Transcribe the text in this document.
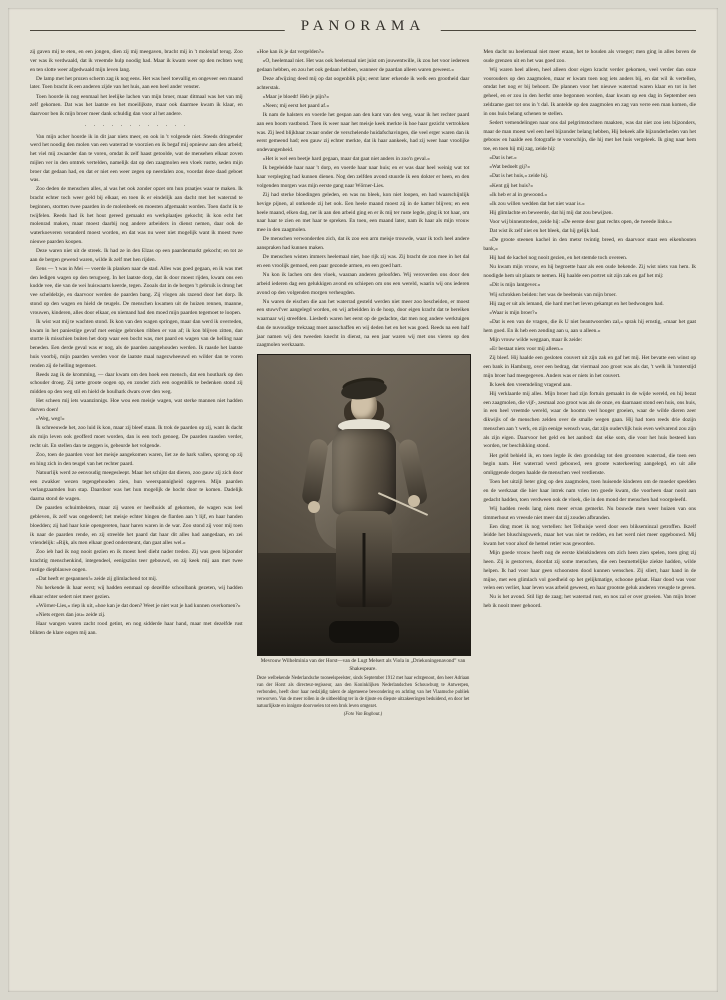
PANORAMA

zij gaven mij te eten, en een jongen, dien zij mij meegaven, bracht mij in 't molenlaf terug. Zoo ver was ik verdwaald, dat ik vreemde hulp noodig had. Maar ik kwam weer op den rechten weg en ten slotte weer afgedwaald mijn leven lang.

De lamp met het prozen scherm zag ik nog eens. Het was heel toevallig en ongeveer een maand later. Toen bracht ik een anderen zijde van het huis, aan een heel ander venster.

Toen hoorde ik nog eenmaal het leelijke lachen van mijn broer, maar ditmaal was het van mij zelf gekomen. Dat was het laatste en het moeilijkste, maar ook daarmee kwam ik klaar, en daarvoor ben ik mijn broer meer dank schuldig dan voor al het andere.

. . . . . . . . . . . .

Van mijn acher hoorde ik in dit jaar niets meer, en ook in 't volgende niet. Steeds dringender werd het noodig den molen van een waterrad te voorzien en ik begaf mij opnieuw aan den arbeid; het viel mij zwaarder dan te voren, omdat ik zelf haast getoolde, wat de mensehen elkaar zoven mijlen ver in den omtrek vertelden, namelijk dat op den zaagmolen een vloek rustte, seden mijn broer dat gedaan had, en dat er niet een weer zegen op neerdalen zou, voordat deze daad geboet was.

Zoo deden de menschen alles, al was het ook zonder opzet om hun praatjes waar te maken. Ik bracht echter toch weer geld bij elkaar, en toen ik er eindelijk aan dacht met het waterrad te beginnen, stortten twee paarden in de molenbeek en moesten afgemaakt worden. Toen dacht ik te twijfelen. Reeds had ik het hout gereed gemaakt en werkplaatjes gekocht; ik kon echt het molenrad maken, maar moest daarbij nog andere arbeiders in dienst nemen, daar ook de waterkoeveren veranderd moest worden, en dat was nu weer niet mogelijk want ik moest twee nieuwe paarden koopen.

Deze waren niet uit de streek. Ik had ze in den Elzas op een paardenmarkt gekocht; en tot ze aan de bergen gewend waren, wilde ik zelf met hen rijden.

Eens — 't was in Mei — voerde ik planken naar de stad. Alles was goed gegaan, en ik was met den ledigen wagen op den terugweg. In het laatste dorp, dat ik door moest rijden, kwam ons een kudde vee, die van de wei huiswaarts keerde, tegen. Zooals dat in de bergen 't gebruik is drong het vee scheldelzje, en daarvoor werden de paarden bang. Zij vlogen als razend door het dorp. Ik stond op den wagen en hield de teugels. De menschen kwamen uit de huizen rennen, maanne, vrouwen, kinderen, alles door elkaar, en niemand had den moed mijn paarden tegemoet te loopen.

Ik wist wat mij te wachten stond. Ik kon van den wagen springen, maar dan werd ik overreden, kwam in het paniestige gevaf met eenige gebroken ribben er van af; ik kon blijven zitten, dan stortte ik misschien buiten het dorp waar een bocht was, met paard en wagen van de helling naar beneden. Een derde geval was er nog, als de paarden aangehouden werden. Ik raasde het laatste huis voorbij, mijn paarden werden voor de laatste maal nagezwheeuwd en wilder dan te voren renden zij de helling tegemoet.

Reeds zag ik de kromming, — daar kwam om den hoek een mensch, dat een houthark op den schouder droeg. Zij zette groote oogen op, en zonder zich een oogenblik te bedenken stond zij midden op den weg stil en hield de houlhark dwars over den weg.

Het scheen mij iets waanzinnigs. Hoe wou een meisje wagen, wat sterke mannen niet hadden durven doen!

»Weg, weg!«

Ik schreeuwde het, zoo luid ik kon, maar zij bleef staan. Ik trok de paarden op zij, want ik dacht als mijn leven ook geofferd moet worden, dan is een toch genoeg. De paarden raasden verder, recht uit. En stellen dan te zeggen is, gebeurde het volgende.

Zoo, toen de paarden voor het meisje aangekomen waren, liet ze de hark vallen, sprong op zij en hing zich in den teugel van het rechter paard.

Natuurlijk werd ze eenvoudig meegesleept. Maar het schijnt dat dieren, zoo gauw zij zich door een zwakker wezen tegengehouden zien, hun weerspannigheid opgeven. Mijn paarden verlangzaamden hun stap. Daardoor was het hun mogelijk de hocht door te komen. Dadelijk daarna stond de wagen.

De paarden schuimbekten, maar zij waren er heelhuids af gekomen, de wagen was leel gebleven, ik zelf was ongedeerd; het meisje echter hingen de flarden aan 't lijf, en haar handen bloedden; zij had haar knie opengereten, haar haren waren in de war. Zoo stond zij voor mij toen ik naar de paarden rende, en zij streelde het paard dat haar dit alles had aangedaan, en zei vriendelijk: »Rijk, als men elkaar goed ondersteunt, dan gaat alles wel.«

Zoo ieb had ik nog nooit gezien en ik moest heel dieht nader treden. Zij was geen bijzonder krachtig menschenkind, integendeel, eenigszins teer gebouwd, en zij keek mij aan met twee rustige diepblauwe oogen.

»Dat heeft er gespannen!« zeide zij glimlachend tot mij.

Nu herkende ik haar eerst; wij hadden eenmaal op dezelfde schoolbank gezeten, wij hadden elkaar echter sedert niet meer gezien.

»Wörner-Lies,« riep ik uit, »hoe kan je dat doen? Weet je niet wat je had kunnen overkomen?«

»Niets ergers dan jou« zeide zij.

Haar wangen waren zacht rood getint, en nog sidderde haar hand, maar met dezelfde rust blikten de klare oogen mij aan.

»Hoe kan ik je dat vergelden?«

»O, heelemaal niet. Het was ook heelemaal niet juist om jouwentwille, ik zou het voor iedereen gedaan hebben, en zou het ook gedaan hebben, wanneer de paardan alleen waren geweest.«

Deze afwijzing deed mij op dat oogenblik pijn; eerst later erkende ik welk een grootheid daar achterstak.

»Maar je bloedt! Heb je pijn?«

»Neen; mij eerst het paard af.«

Ik nam de halsters en voerde het gespan aan den kant van den weg, waar ik het rechter paard aan een boom vastbond. Toen ik weer naar het meisje keek merkte ik hoe haar gezicht vertrokken was. Zij leed blijkbaar zwaar onder de verschelende huidafschavingen, die veel erger waren dan ik eerst gemeend had; een gauw zij echter merkte, dat ik haar aankeek, had zij weer haar vroolijke ondevangenheid.

»Het is wel een beetje hard gegaan, maar dat gaat niet anders in zoo'n geval.«

Ik begeleidde haar naar 't dorp, en voerde haar naar huis; en er was daar heel weinig wat tot haar verpleging had kunnen dienen. Nog den zelfden avond stuurde ik een dokter er heen, en den volgenden morgen was mijn eerste gang naar Wörner-Lies.

Zij had sterke bloedingen geleden, en was nu bleek, kon niet loopen, en had waarschijnlijk hevige pijnen, al ontkende zij het ook. Een heele maand moest zij in de kamer blijven; en een heele maand, elken dag, ner ik aan den arbeid ging en er ik mij ter ruste legde, ging ik tot haar, om naar haar te zien en met haar te spreken. En toen, een maand later, nam ik haar als mijn vrouw mee in den zaagmolen.

De menschen verwonderden zich, dat ik zoo een arm meisje trouwde, waar ik toch heel andere aanspraken had kunnen maken.

De menschen wisten immers heelemaal niet, hoe rijk zij was. Zij bracht de zon mee in het dal en een vroolijk gemoed, een paar gezonde armen, en een goed hart.

Nu kon ik lachen om den vloek, waaraan anderen geloofden. Wij veroverden ons door den arbeid iederen dag een gelukkigen avond en schiepen om ons een wereld, waarin wij ons iederen avond op den volgenden morgen verheugden.

Nu waren de eischen die aan het waterrad gesteld werden niet meer zoo bescheiden, er moest een stuwvl'ver aangelegd worden, en wij arbeidden in de hoop, door eigen kracht dat te bereiken waarnaar wij streefden. Liesbeth waren het eerst op de gedachte, dat men nog andere werktuigen dan de nuvoudige trekzaag moet aanschaffen en wij deden het en het was goed. Reeds na een half jaar namen wij den tweeden knecht in dienst, na een jaar waren wij met ons vieren op den zaagmolen werkzaam.

Mevrouw Wilhelminia van der Horst—van de Lugt Melsert als Viola in „Driekoningenavond” van Shakespeare.
Deze welbekende Nederlandsche tooneelspeelster, sinds September 1912 met haar echtgenoot, den heer Adriaan van der Horst als directeur-regisseur, aan den Koninklijken Nederlandschen Schouwburg te Antwerpen, verbonden, heeft door haar nedzijdig talent de algemeene bewondering en achting van het Vlaamsche publiek verworven. Van de meer rollen in de uitbeelding ter in de tijnste en diepste uitzakeeringen beduidend, en door het natuurlijkste en innigste doorvoelen tot een brok leven omgezet.
(Foto Van Boghout.)

Men dacht nu heelemaal niet meer eraan, het te houden als vroeger; men ging in alles boven de oude grenzen uit en het was goed zoo.

Wij waren heel alleen, heel alleen door eigen kracht verder gekomen, veel verder dan onze voorouders op den zaagmolen, maar er kwam toen nog iets anders bij, en dat wil ik vertellen, omdat het nog er bij behoort. De plannen voor het nieuwe waterrad waren klaar en tot in het geheel, en er zou in den herfst ome begonnen worden, daar kwam op een dag in September een zeldzame gast tot ons in 't dal. Ik antelde op den zaagmolen en zag van verre een man komen, die in ons huis belang schenen te stellen.

Sedert vemendelingen naar ons dal pelgrimstochten maakten, was dat niet zoo iets bijzonders, maar de man moest wel een heel bijzonder belang hebben, Hij bekeek alle bijzonderheden van het gebouw en haalde een fotografie te voorschijn, die hij met het huis vergeleek. Ik ging naar hem toe, en toen hij mij zag, zeide hij:

»Dat is het.«

»Wat bedoelt gij?«

»Dat is het huis,« zeide hij.

»Kent gij het huis?«

»Ik heb er al in gewoond.«

»Ik zou willen wedden dat het niet waar is.«

Hij glimlachte en beweerde, dat hij mij dat zou bewijzen.

Voor wij binnentreden, zeide hij: »De eerste deur gaat rechts open, de tweede links.«

Dat wist ik zelf niet en het bleek, dat hij gelijk had.

»De groote steenen kachel in den metsr twintig breed, en daarvoor staat een eikenhouten bank,«

Hij had de kachel nog nooit gezien, en het stemde toch overeen.

Nu kwam mijn vrouw, en hij begroette haar als een oude bekende. Zij wist niets van hem. Ik noodigde hem uit plaats te nemen. Hij haalde een portret uit zijn zak en gaf het mij:

»Dit is mijn lantgever.«

Wij schrokken beiden: het was de beeltenis van mijn broer.

Hij zag er uit als iemand, die hard met het leven gekampt en het bedwongen had.

»Waar is mijn broer?«

»Dat is een van de vragen, die ik U niet beantwoorden zal,« sprak hij ernstig, »maar het gaat hem goed. En ik heb een zending aan u, aan u alleen.«

Mijn vrouw wilde weggaan, maar ik zeide:

»Er bestaat niets voor mij alleen.«

Zij bleef. Hij haalde een gesloten couvert uit zijn zak en gaf het mij. Het bevatte een winst op een bank in Hamburg, over een bedrag, dat viermaal zoo groot was als dat, 't welk ik 'tonterstijd mijn broer had meegegeven. Anders was er niets in het couvert.

Ik keek den vreemdeling vragend aan.

Hij verklaarde mij alles. Mijn broer had zijn fortuin gemaakt in de wijde wereld, en hij bezat een zaagmolen, die vijf-, zesmaal zoo groot was als de onze, en daarnaast stond een huis, ons huis, in een heel vreemde wereld, waar de hoomn veel hooger groeien, waar de wilde dieren zeer dikwijls of de menschen zelden over de smalle wegen gaan. Hij had toen reeds drie dozijn menschen aan 't werk, en zijn eenige wensch was, dat zijn oudervlijk huis even welvarend zou zijn als zijn eigen. Daarvoor het geld en het aanbod: dat elke som, die voor het huis besteed kon worden, ter beschikking stond.

Het geld behield ik, en toen legde ik den grondslag tot den grootsten waterrad, die toen een begin nam. Het waterrad werd gebouwd, een groote waterkeering aangelegd, en uit alle omliggende dorpen haalde de menschen veel verdienste.

Toen het uitzijl beter ging op den zaagmolen, toen huisende kinderen om de moeder speelden en de werkzaat die hier haar intrek nam vrien ten goede kwam, die voorheen daar nooit aan gedacht hadden, toen verdween ook de vloek, die in den mond der menschen had voorgeleefd.

Wij hadden reeds lang niets meer ervan gemerkt. Nu bouwde men weer huizen van ons timmerhout en vreesde niet meer dat zij zouden afbranden.

Een ding moet ik nog vertellen: het Telhuisje werd door een blikseminzal getroffen. Ikzelf leidde het bluschingswerk, maar het was niet te redden, en het werd niet meer opgebouwd. Mij kwam het voor alsof de hemel retier was geworden.

Mijn goede vrouw heeft nog de eerste kleinkinderen om zich heen zien spelen, toen ging zij heen. Zij is gestorven, doordat zij some menschen, die een besmettelijke ziekte hadden, wilde helpen. Ik had voor haar geen schoonsten dood kunnen wenschen. Zij sliert, haar hand in de mijne, met een glimlach vol goedheid op het gelijkmatige, schoone gelaat. Haar dood was voor velen een verliet, haar leven was arbeid geweest, en haar grootste geluk anderen vreugde te geven.

Nu is het avond. Stil ligt de zaag; het waterrad rust, en nos zal er over groeien. Van mijn broer heb ik nooit meer gehoord.
